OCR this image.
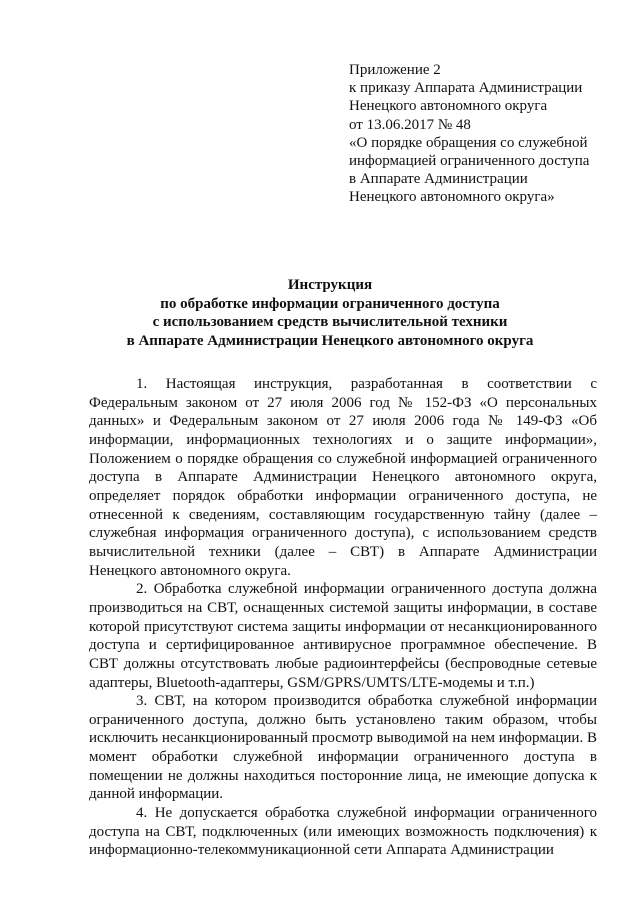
Приложение 2
к приказу Аппарата Администрации
Ненецкого автономного округа
от 13.06.2017 № 48
«О порядке обращения со служебной
информацией ограниченного доступа
в Аппарате Администрации
Ненецкого автономного округа»
Инструкция
по обработке информации ограниченного доступа
с использованием средств вычислительной техники
в Аппарате Администрации Ненецкого автономного округа

1. Настоящая инструкция, разработанная в соответствии с Федеральным законом от 27 июля 2006 год № 152-ФЗ «О персональных данных» и Федеральным законом от 27 июля 2006 года № 149-ФЗ «Об информации, информационных технологиях и о защите информации», Положением о порядке обращения со служебной информацией ограниченного доступа в Аппарате Администрации Ненецкого автономного округа, определяет порядок обработки информации ограниченного доступа, не отнесенной к сведениям, составляющим государственную тайну (далее – служебная информация ограниченного доступа), с использованием средств вычислительной техники (далее – СВТ) в Аппарате Администрации Ненецкого автономного округа.

2. Обработка служебной информации ограниченного доступа должна производиться на СВТ, оснащенных системой защиты информации, в составе которой присутствуют система защиты информации от несанкционированного доступа и сертифицированное антивирусное программное обеспечение. В СВТ должны отсутствовать любые радиоинтерфейсы (беспроводные сетевые адаптеры, Bluetooth-адаптеры, GSM/GPRS/UMTS/LTE-модемы и т.п.)

3. СВТ, на котором производится обработка служебной информации ограниченного доступа, должно быть установлено таким образом, чтобы исключить несанкционированный просмотр выводимой на нем информации. В момент обработки служебной информации ограниченного доступа в помещении не должны находиться посторонние лица, не имеющие допуска к данной информации.

4. Не допускается обработка служебной информации ограниченного доступа на СВТ, подключенных (или имеющих возможность подключения) к информационно-телекоммуникационной сети Аппарата Администрации
